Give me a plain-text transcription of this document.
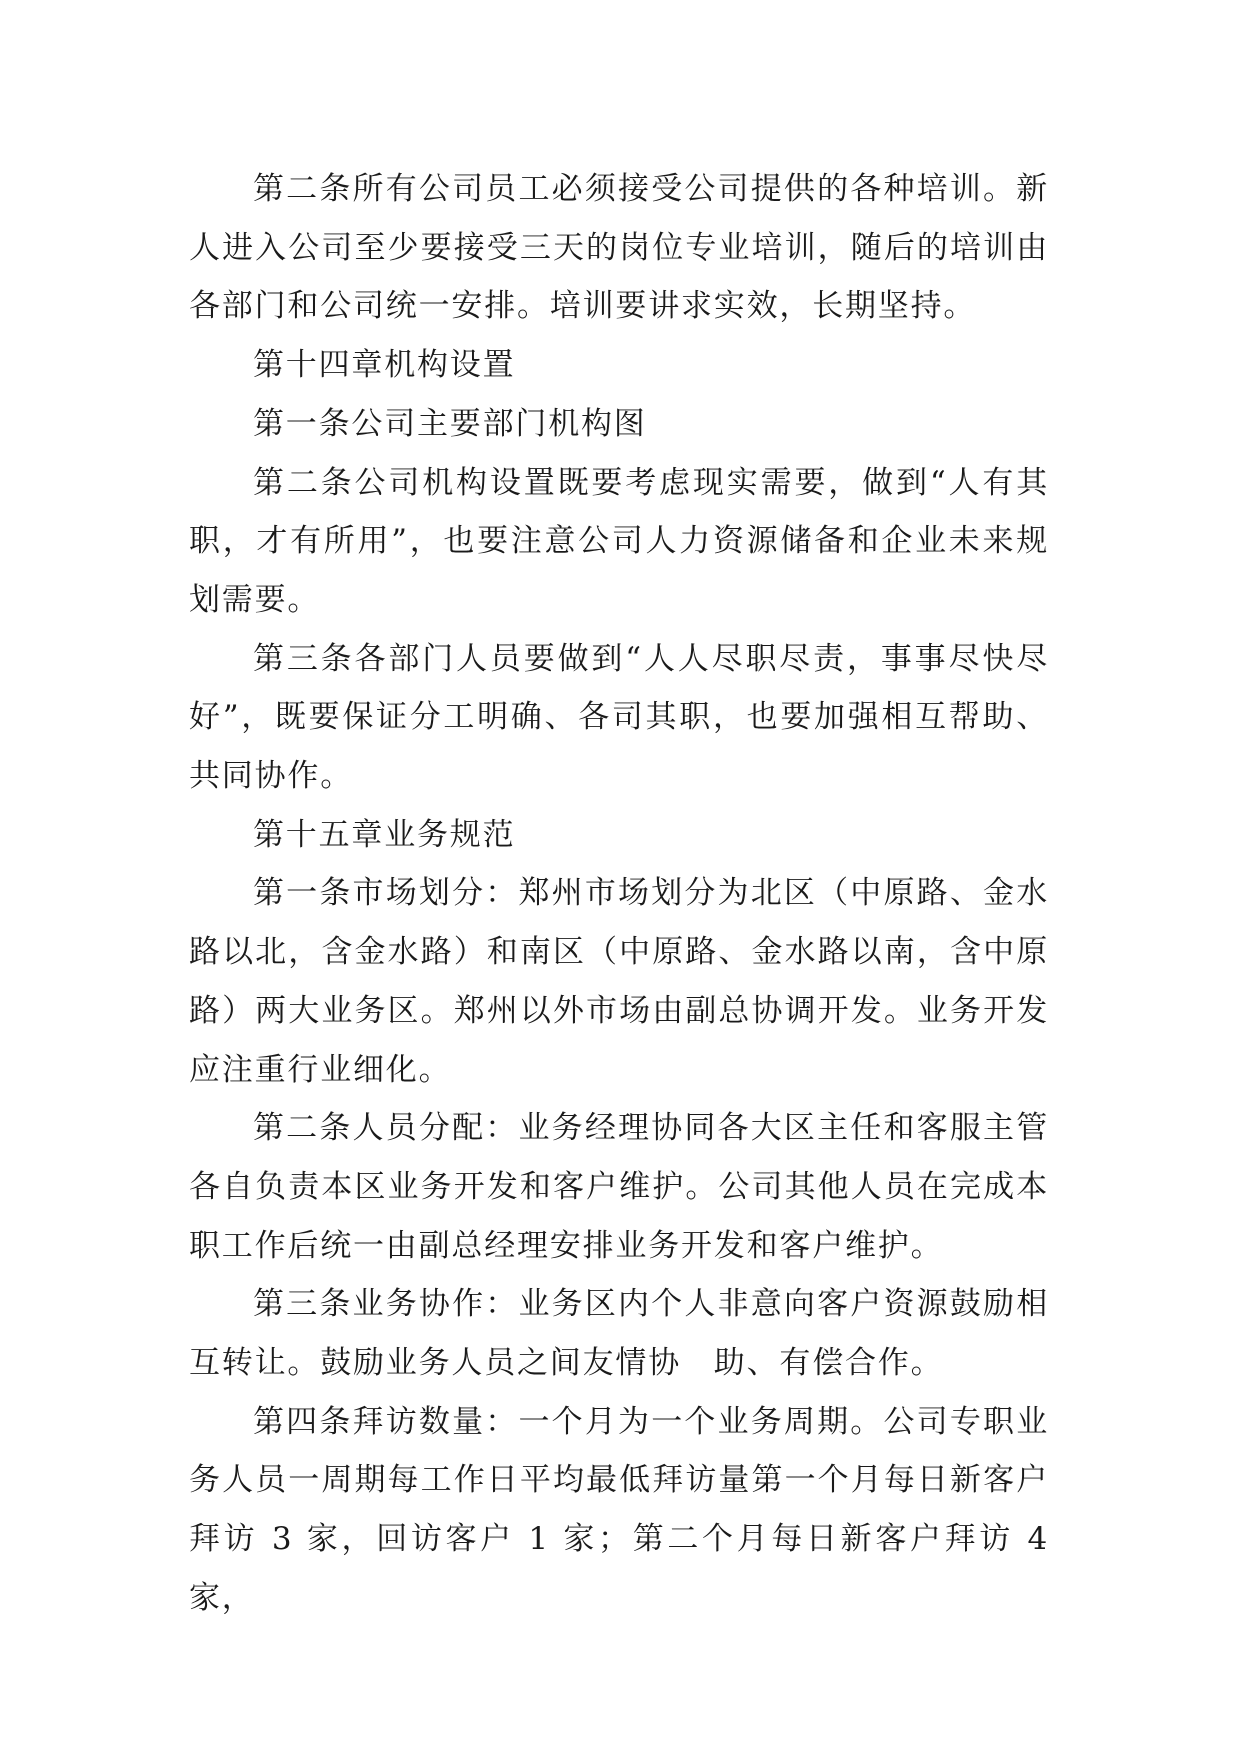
第二条所有公司员工必须接受公司提供的各种培训。新人进入公司至少要接受三天的岗位专业培训，随后的培训由各部门和公司统一安排。培训要讲求实效，长期坚持。

第十四章机构设置

第一条公司主要部门机构图

第二条公司机构设置既要考虑现实需要，做到“人有其职，才有所用”，也要注意公司人力资源储备和企业未来规划需要。

第三条各部门人员要做到“人人尽职尽责，事事尽快尽好”，既要保证分工明确、各司其职，也要加强相互帮助、共同协作。

第十五章业务规范

第一条市场划分：郑州市场划分为北区（中原路、金水路以北，含金水路）和南区（中原路、金水路以南，含中原路）两大业务区。郑州以外市场由副总协调开发。业务开发应注重行业细化。

第二条人员分配：业务经理协同各大区主任和客服主管各自负责本区业务开发和客户维护。公司其他人员在完成本职工作后统一由副总经理安排业务开发和客户维护。

第三条业务协作：业务区内个人非意向客户资源鼓励相互转让。鼓励业务人员之间友情协　助、有偿合作。

第四条拜访数量：一个月为一个业务周期。公司专职业务人员一周期每工作日平均最低拜访量第一个月每日新客户拜访 3 家，回访客户 1 家；第二个月每日新客户拜访 4 家，
